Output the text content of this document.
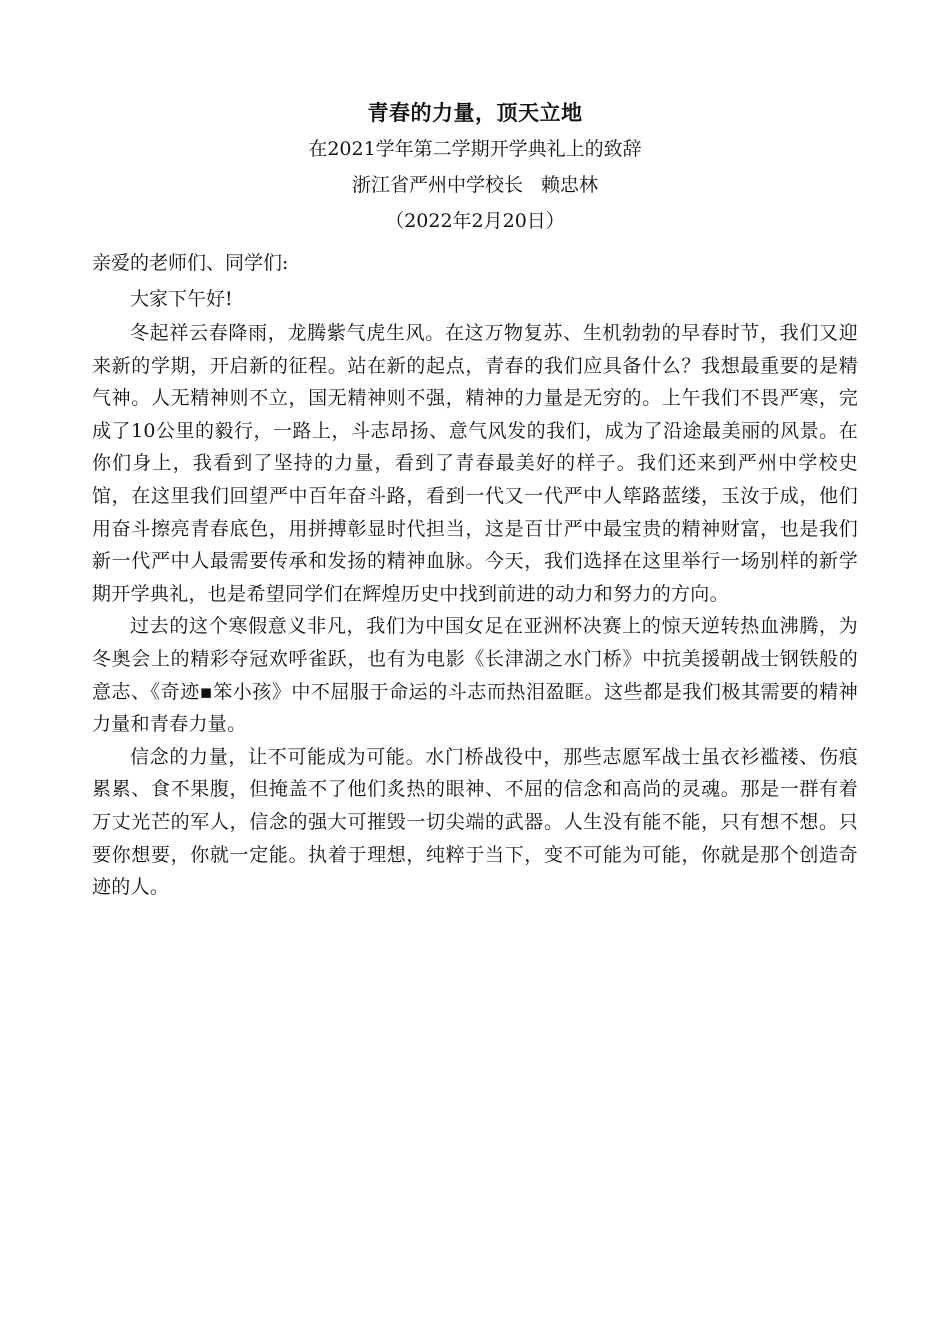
青春的力量，顶天立地

在2021学年第二学期开学典礼上的致辞

浙江省严州中学校长   赖忠林

（2022年2月20日）

亲爱的老师们、同学们:

大家下午好!

冬起祥云春降雨，龙腾紫气虎生风。在这万物复苏、生机勃勃的早春时节，我们又迎来新的学期，开启新的征程。站在新的起点，青春的我们应具备什么？我想最重要的是精气神。人无精神则不立，国无精神则不强，精神的力量是无穷的。上午我们不畏严寒，完成了10公里的毅行，一路上，斗志昂扬、意气风发的我们，成为了沿途最美丽的风景。在你们身上，我看到了坚持的力量，看到了青春最美好的样子。我们还来到严州中学校史馆，在这里我们回望严中百年奋斗路，看到一代又一代严中人筚路蓝缕，玉汝于成，他们用奋斗擦亮青春底色，用拼搏彰显时代担当，这是百廿严中最宝贵的精神财富，也是我们新一代严中人最需要传承和发扬的精神血脉。今天，我们选择在这里举行一场别样的新学期开学典礼，也是希望同学们在辉煌历史中找到前进的动力和努力的方向。

过去的这个寒假意义非凡，我们为中国女足在亚洲杯决赛上的惊天逆转热血沸腾，为冬奥会上的精彩夺冠欢呼雀跃，也有为电影《长津湖之水门桥》中抗美援朝战士钢铁般的意志、《奇迹▪笨小孩》中不屈服于命运的斗志而热泪盈眶。这些都是我们极其需要的精神力量和青春力量。

信念的力量，让不可能成为可能。水门桥战役中，那些志愿军战士虽衣衫褴褛、伤痕累累、食不果腹，但掩盖不了他们炙热的眼神、不屈的信念和高尚的灵魂。那是一群有着万丈光芒的军人，信念的强大可摧毁一切尖端的武器。人生没有能不能，只有想不想。只要你想要，你就一定能。执着于理想，纯粹于当下，变不可能为可能，你就是那个创造奇迹的人。
